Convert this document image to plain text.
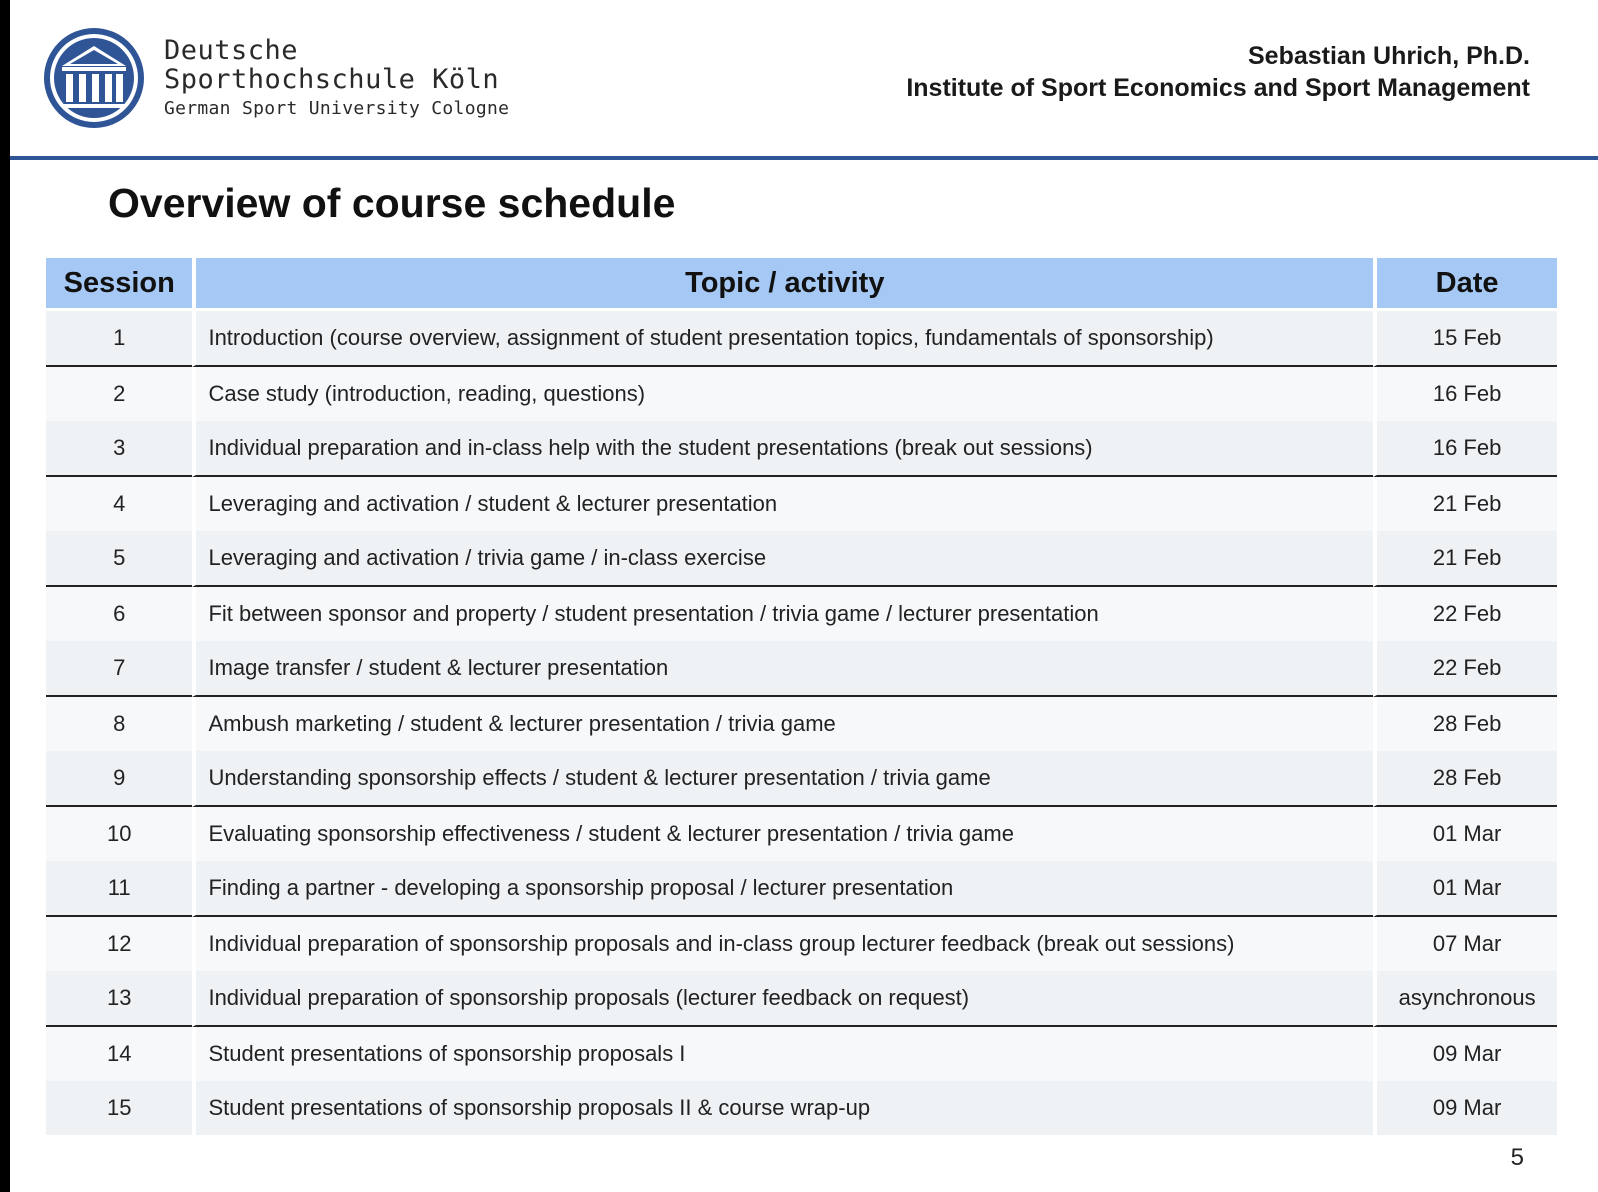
Deutsche
Sporthochschule Köln
German Sport University Cologne
Sebastian Uhrich, Ph.D.
Institute of Sport Economics and Sport Management
Overview of course schedule
Session	Topic / activity	Date
1	Introduction (course overview, assignment of student presentation topics, fundamentals of sponsorship)	15 Feb
2	Case study (introduction, reading, questions)	16 Feb
3	Individual preparation and in-class help with the student presentations (break out sessions)	16 Feb
4	Leveraging and activation / student & lecturer presentation	21 Feb
5	Leveraging and activation / trivia game / in-class exercise	21 Feb
6	Fit between sponsor and property / student presentation / trivia game / lecturer presentation	22 Feb
7	Image transfer / student & lecturer presentation	22 Feb
8	Ambush marketing / student & lecturer presentation / trivia game	28 Feb
9	Understanding sponsorship effects / student & lecturer presentation / trivia game	28 Feb
10	Evaluating sponsorship effectiveness / student & lecturer presentation / trivia game	01 Mar
11	Finding a partner - developing a sponsorship proposal / lecturer presentation	01 Mar
12	Individual preparation of sponsorship proposals and in-class group lecturer feedback (break out sessions)	07 Mar
13	Individual preparation of sponsorship proposals (lecturer feedback on request)	asynchronous
14	Student presentations of sponsorship proposals I	09 Mar
15	Student presentations of sponsorship proposals II & course wrap-up	09 Mar
5
